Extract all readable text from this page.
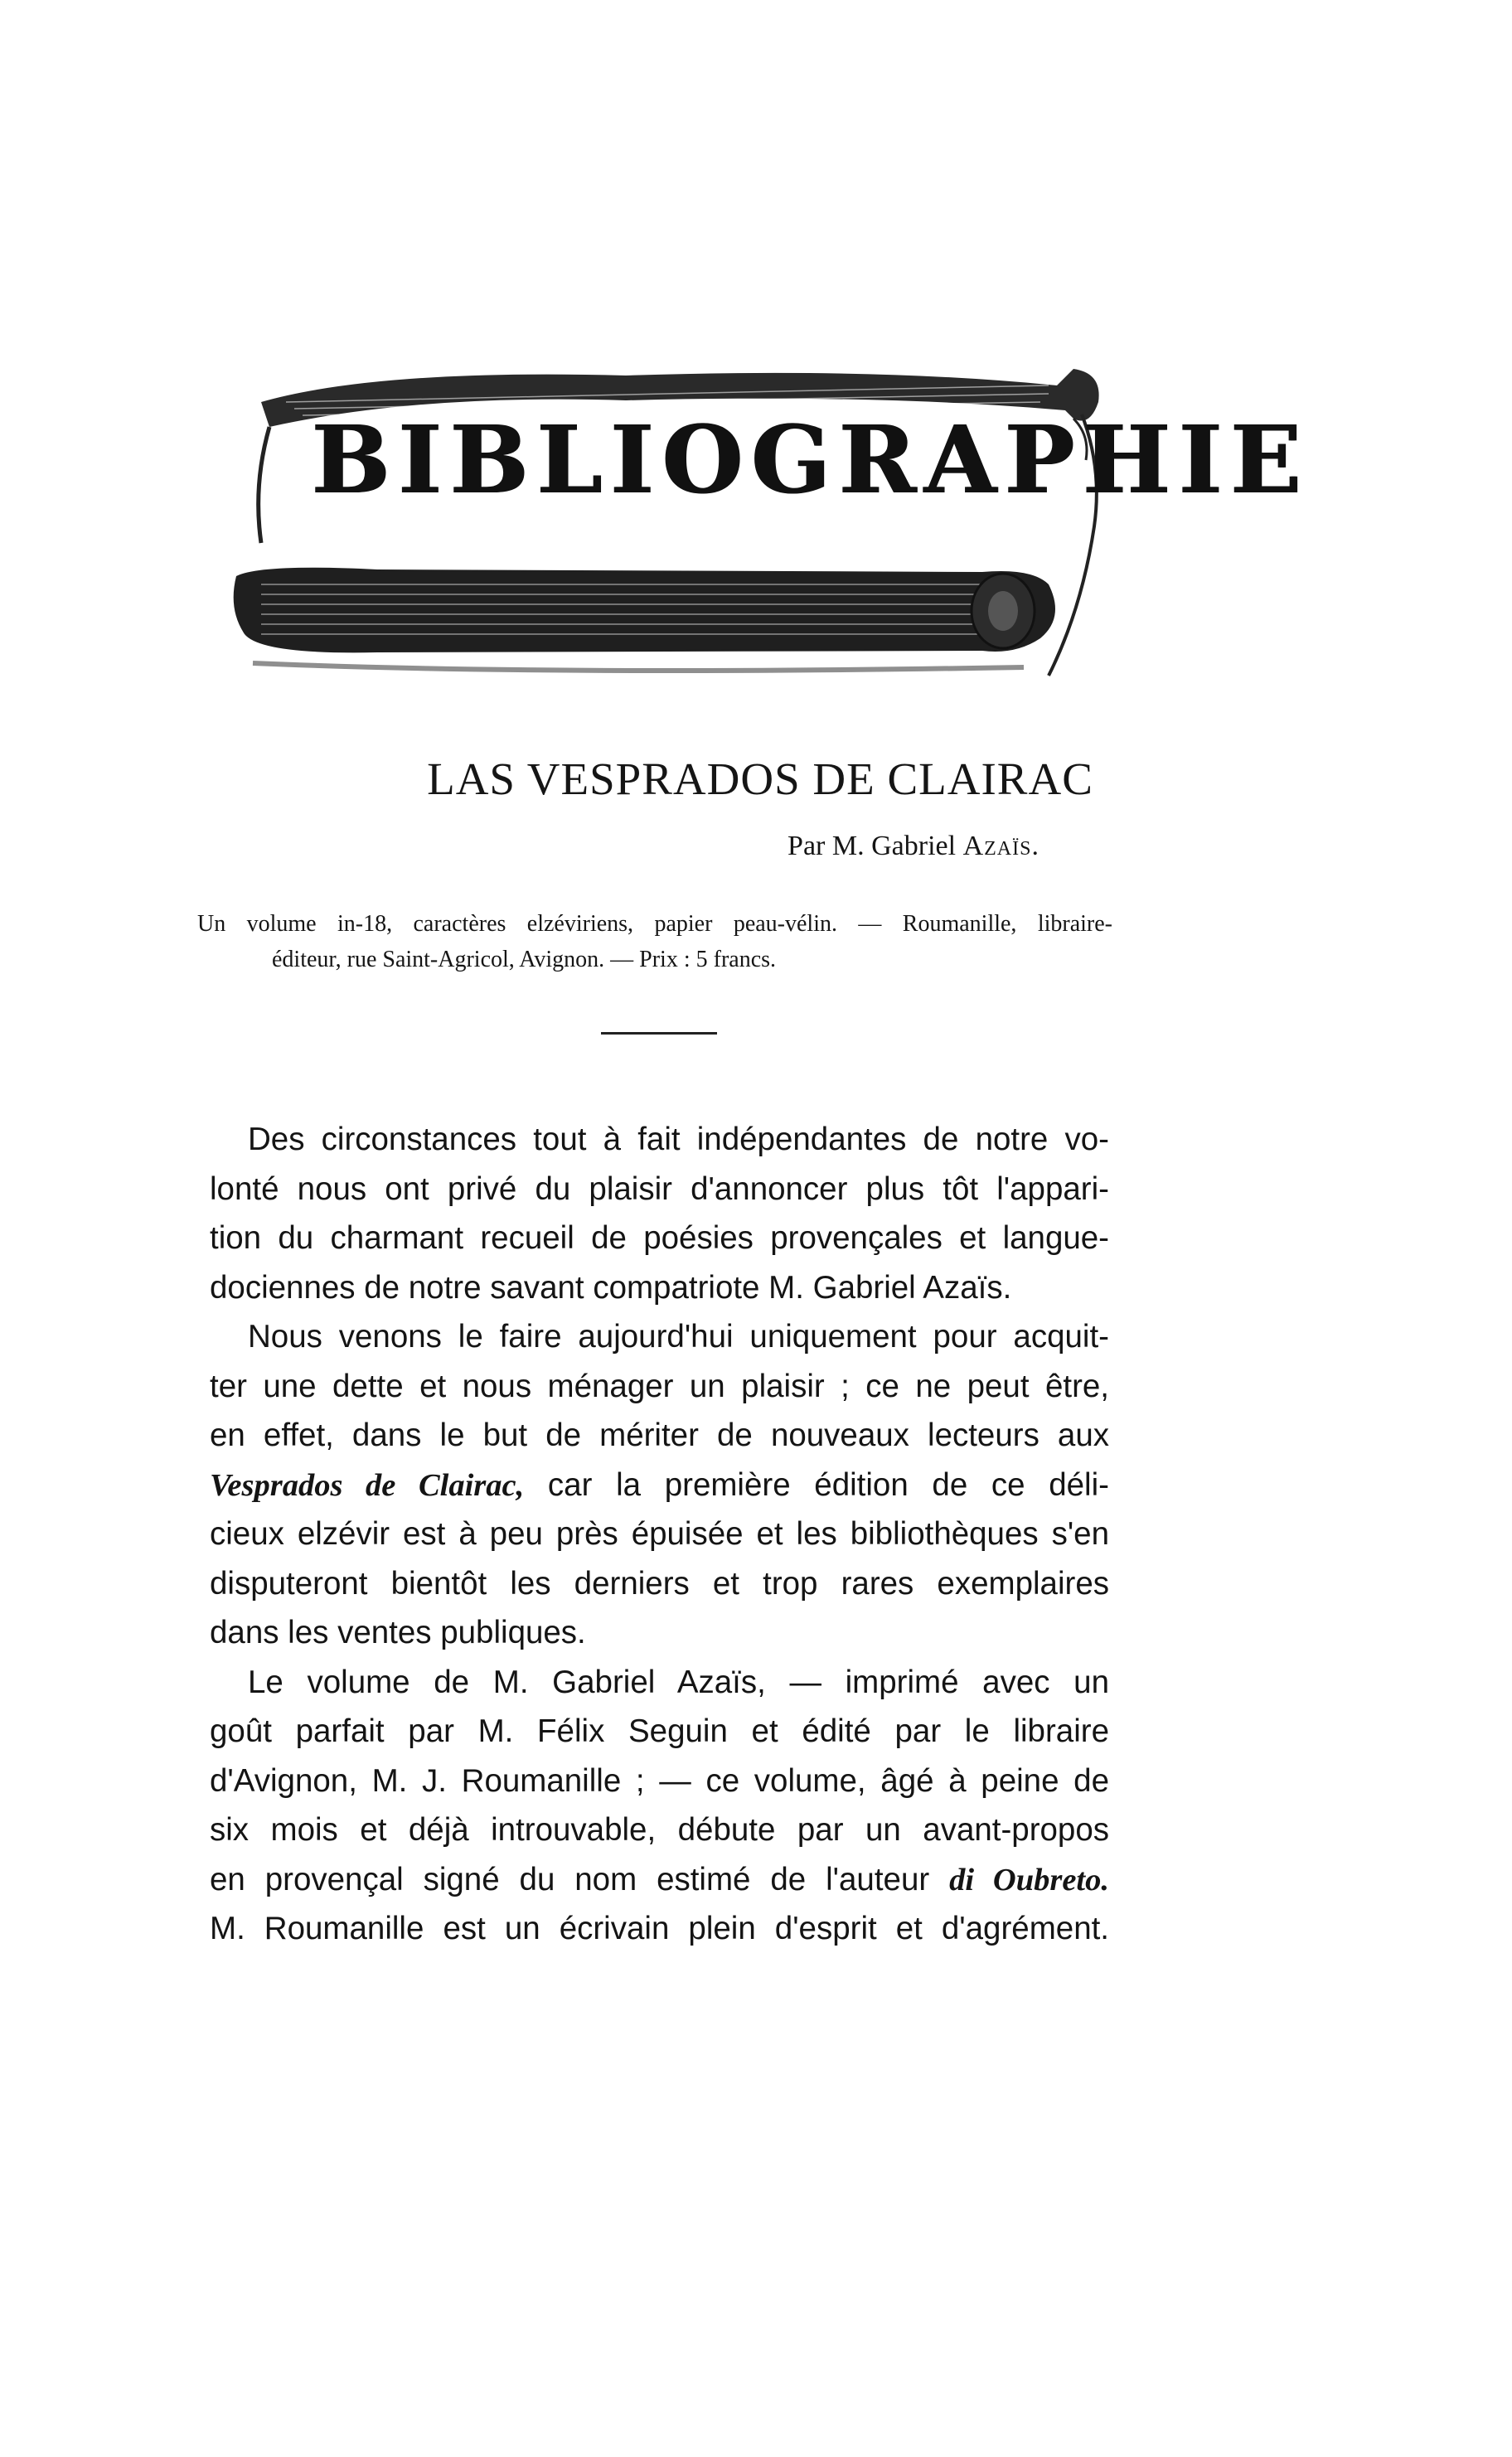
BIBLIOGRAPHIE
LAS VESPRADOS DE CLAIRAC
Par M. Gabriel Azaïs.
Un volume in-18, caractères elzéviriens, papier peau-vélin. — Roumanille, libraire-
éditeur, rue Saint-Agricol, Avignon. — Prix : 5 francs.
Des circonstances tout à fait indépendantes de notre vo-
lonté nous ont privé du plaisir d'annoncer plus tôt l'appari-
tion du charmant recueil de poésies provençales et langue-
dociennes de notre savant compatriote M. Gabriel Azaïs.
Nous venons le faire aujourd'hui uniquement pour acquit-
ter une dette et nous ménager un plaisir ; ce ne peut être,
en effet, dans le but de mériter de nouveaux lecteurs aux
Vesprados de Clairac, car la première édition de ce déli-
cieux elzévir est à peu près épuisée et les bibliothèques s'en
disputeront bientôt les derniers et trop rares exemplaires
dans les ventes publiques.
Le volume de M. Gabriel Azaïs, — imprimé avec un
goût parfait par M. Félix Seguin et édité par le libraire
d'Avignon, M. J. Roumanille ; — ce volume, âgé à peine de
six mois et déjà introuvable, débute par un avant-propos
en provençal signé du nom estimé de l'auteur di Oubreto.
M. Roumanille est un écrivain plein d'esprit et d'agrément.
